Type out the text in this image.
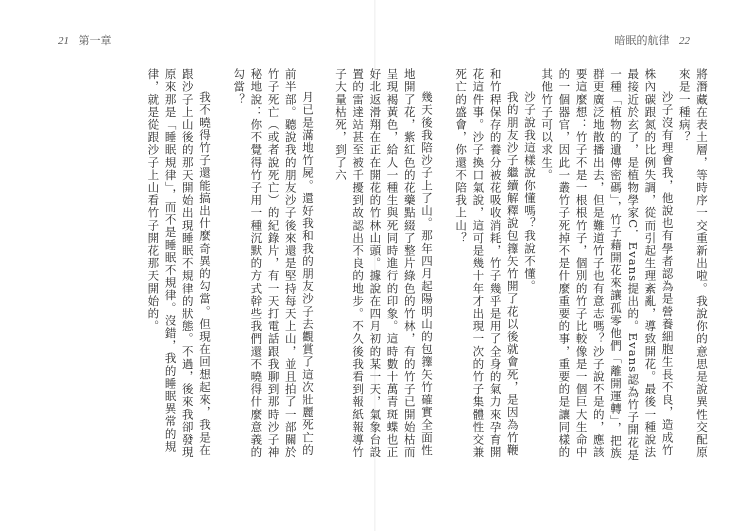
21 第一章

月已是滿地竹屍。還好我和我的朋友沙子去觀賞了這次壯麗死亡的前半部。聽說我的朋友沙子後來還是堅持每天上山，並且拍了一部關於竹子死亡（或者說死亡）的紀錄片，有一天打電話跟我聊到那時沙子神秘地說：你不覺得竹子用一種沉默的方式幹些我們還不曉得什麼意義的勾當？

我不曉得竹子還能搞出什麼奇異的勾當。但現在回想起來，我是在跟沙子上山後的那天開始出現睡眠不規律的狀態。不過，後來我卻發現原來那是「睡眠規律」，而不是睡眠不規律。沒錯，我的睡眠異常的規律，就是從跟沙子上山看竹子開花那天開始的。

暗眠的航律 22

將潛藏在表土層，等時序一交重新出啦。我說你的意思是說異性交配原來是一種病？

沙子沒有理會我，他說也有學者認為是營養細胞生長不良，造成竹株內碳跟氮的比例失調，從而引起生理紊亂，導致開花。最後一種說法最接近於玄了，是植物學家C．Evans提出的。Evans認為竹子開花是一種「植物的遺傳密碼」，竹子藉開花來讓孤零他們「離開運轉」，把族群更廣泛地散播出去，但是難道竹子也有意志嗎？沙子說不是的，應該要這麼想：竹子不是一根根竹子，個別的竹子比較像是一個巨大生命中的一個器官，因此一叢竹子死掉不是什麼重要的事，重要的是讓同樣的其他竹子可以求生。

沙子說我這樣說你懂嗎？我說不懂。

我的朋友沙子繼續解釋說包籜矢竹開了花以後就會死，是因為竹鞭和竹稈保存的養分被花吸收消耗，竹子幾乎是用了全身的氣力來孕育開花這件事。沙子換口氣說，這可是幾十年才出現一次的竹子集體性交兼死亡的盛會，你還不陪我上山？

幾天後我陪沙子上了山。那年四月起陽明山的包籜矢竹確實全面性地開了花，紫紅色的花藥點綴了整片綠色的竹林，有的竹子已開始枯而呈現褐黃色，給人一種生與死同時進行的印象。這時數十萬青斑蝶也正好北返滑翔在正在開花的竹林山頭。據說在四月初的某一天，氣象台設置的雷達站甚至被千擾到故認出不良的地步。不久後我看到報紙報導竹子大量枯死，到了六
